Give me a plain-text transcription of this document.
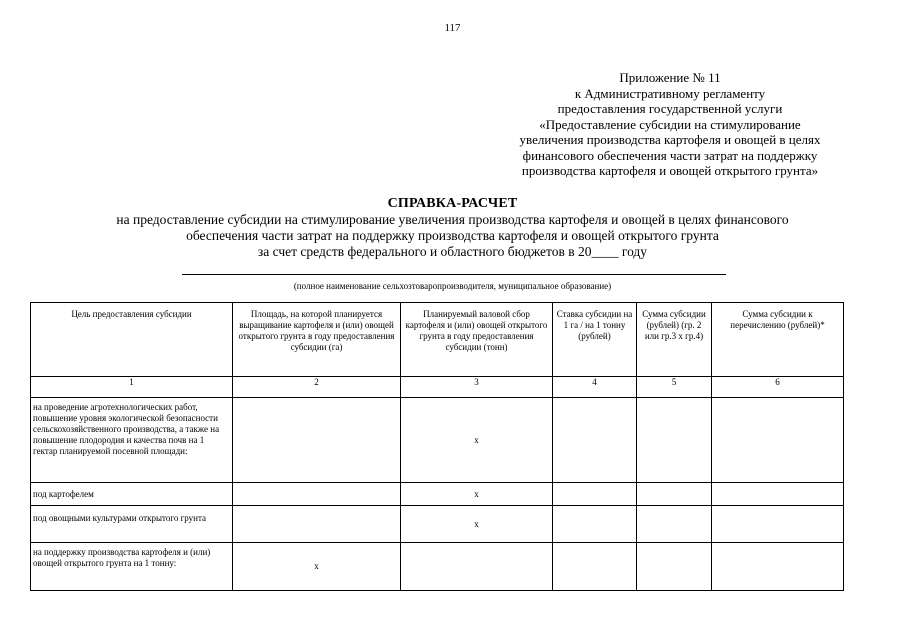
117
Приложение № 11
к Административному регламенту
предоставления государственной услуги
«Предоставление субсидии на стимулирование
увеличения производства картофеля и овощей в целях
финансового обеспечения части затрат на поддержку
производства картофеля и овощей открытого грунта»
СПРАВКА-РАСЧЕТ
на предоставление субсидии на стимулирование увеличения производства картофеля и овощей в целях финансового
обеспечения части затрат на поддержку производства картофеля и овощей открытого грунта
за счет средств федерального и областного бюджетов в 20____ году
(полное наименование сельхозтоваропроизводителя, муниципальное образование)
Цель предоставления субсидии	Площадь, на которой планируется выращивание картофеля и (или) овощей открытого грунта в году предоставления субсидии (га)	Планируемый валовой сбор картофеля и (или) овощей открытого грунта в году предоставления субсидии (тонн)	Ставка субсидии на 1 га / на 1 тонну (рублей)	Сумма субсидии (рублей) (гр. 2 или гр.3 х гр.4)	Сумма субсидии к перечислению (рублей)*
1	2	3	4	5	6
на проведение агротехнологических работ, повышение уровня экологической безопасности сельскохозяйственного производства, а также на повышение плодородия и качества почв на 1 гектар планируемой посевной площади:		х			
под картофелем		х			
под овощными культурами открытого грунта		х			
на поддержку производства картофеля и (или) овощей открытого грунта на 1 тонну:	х				
